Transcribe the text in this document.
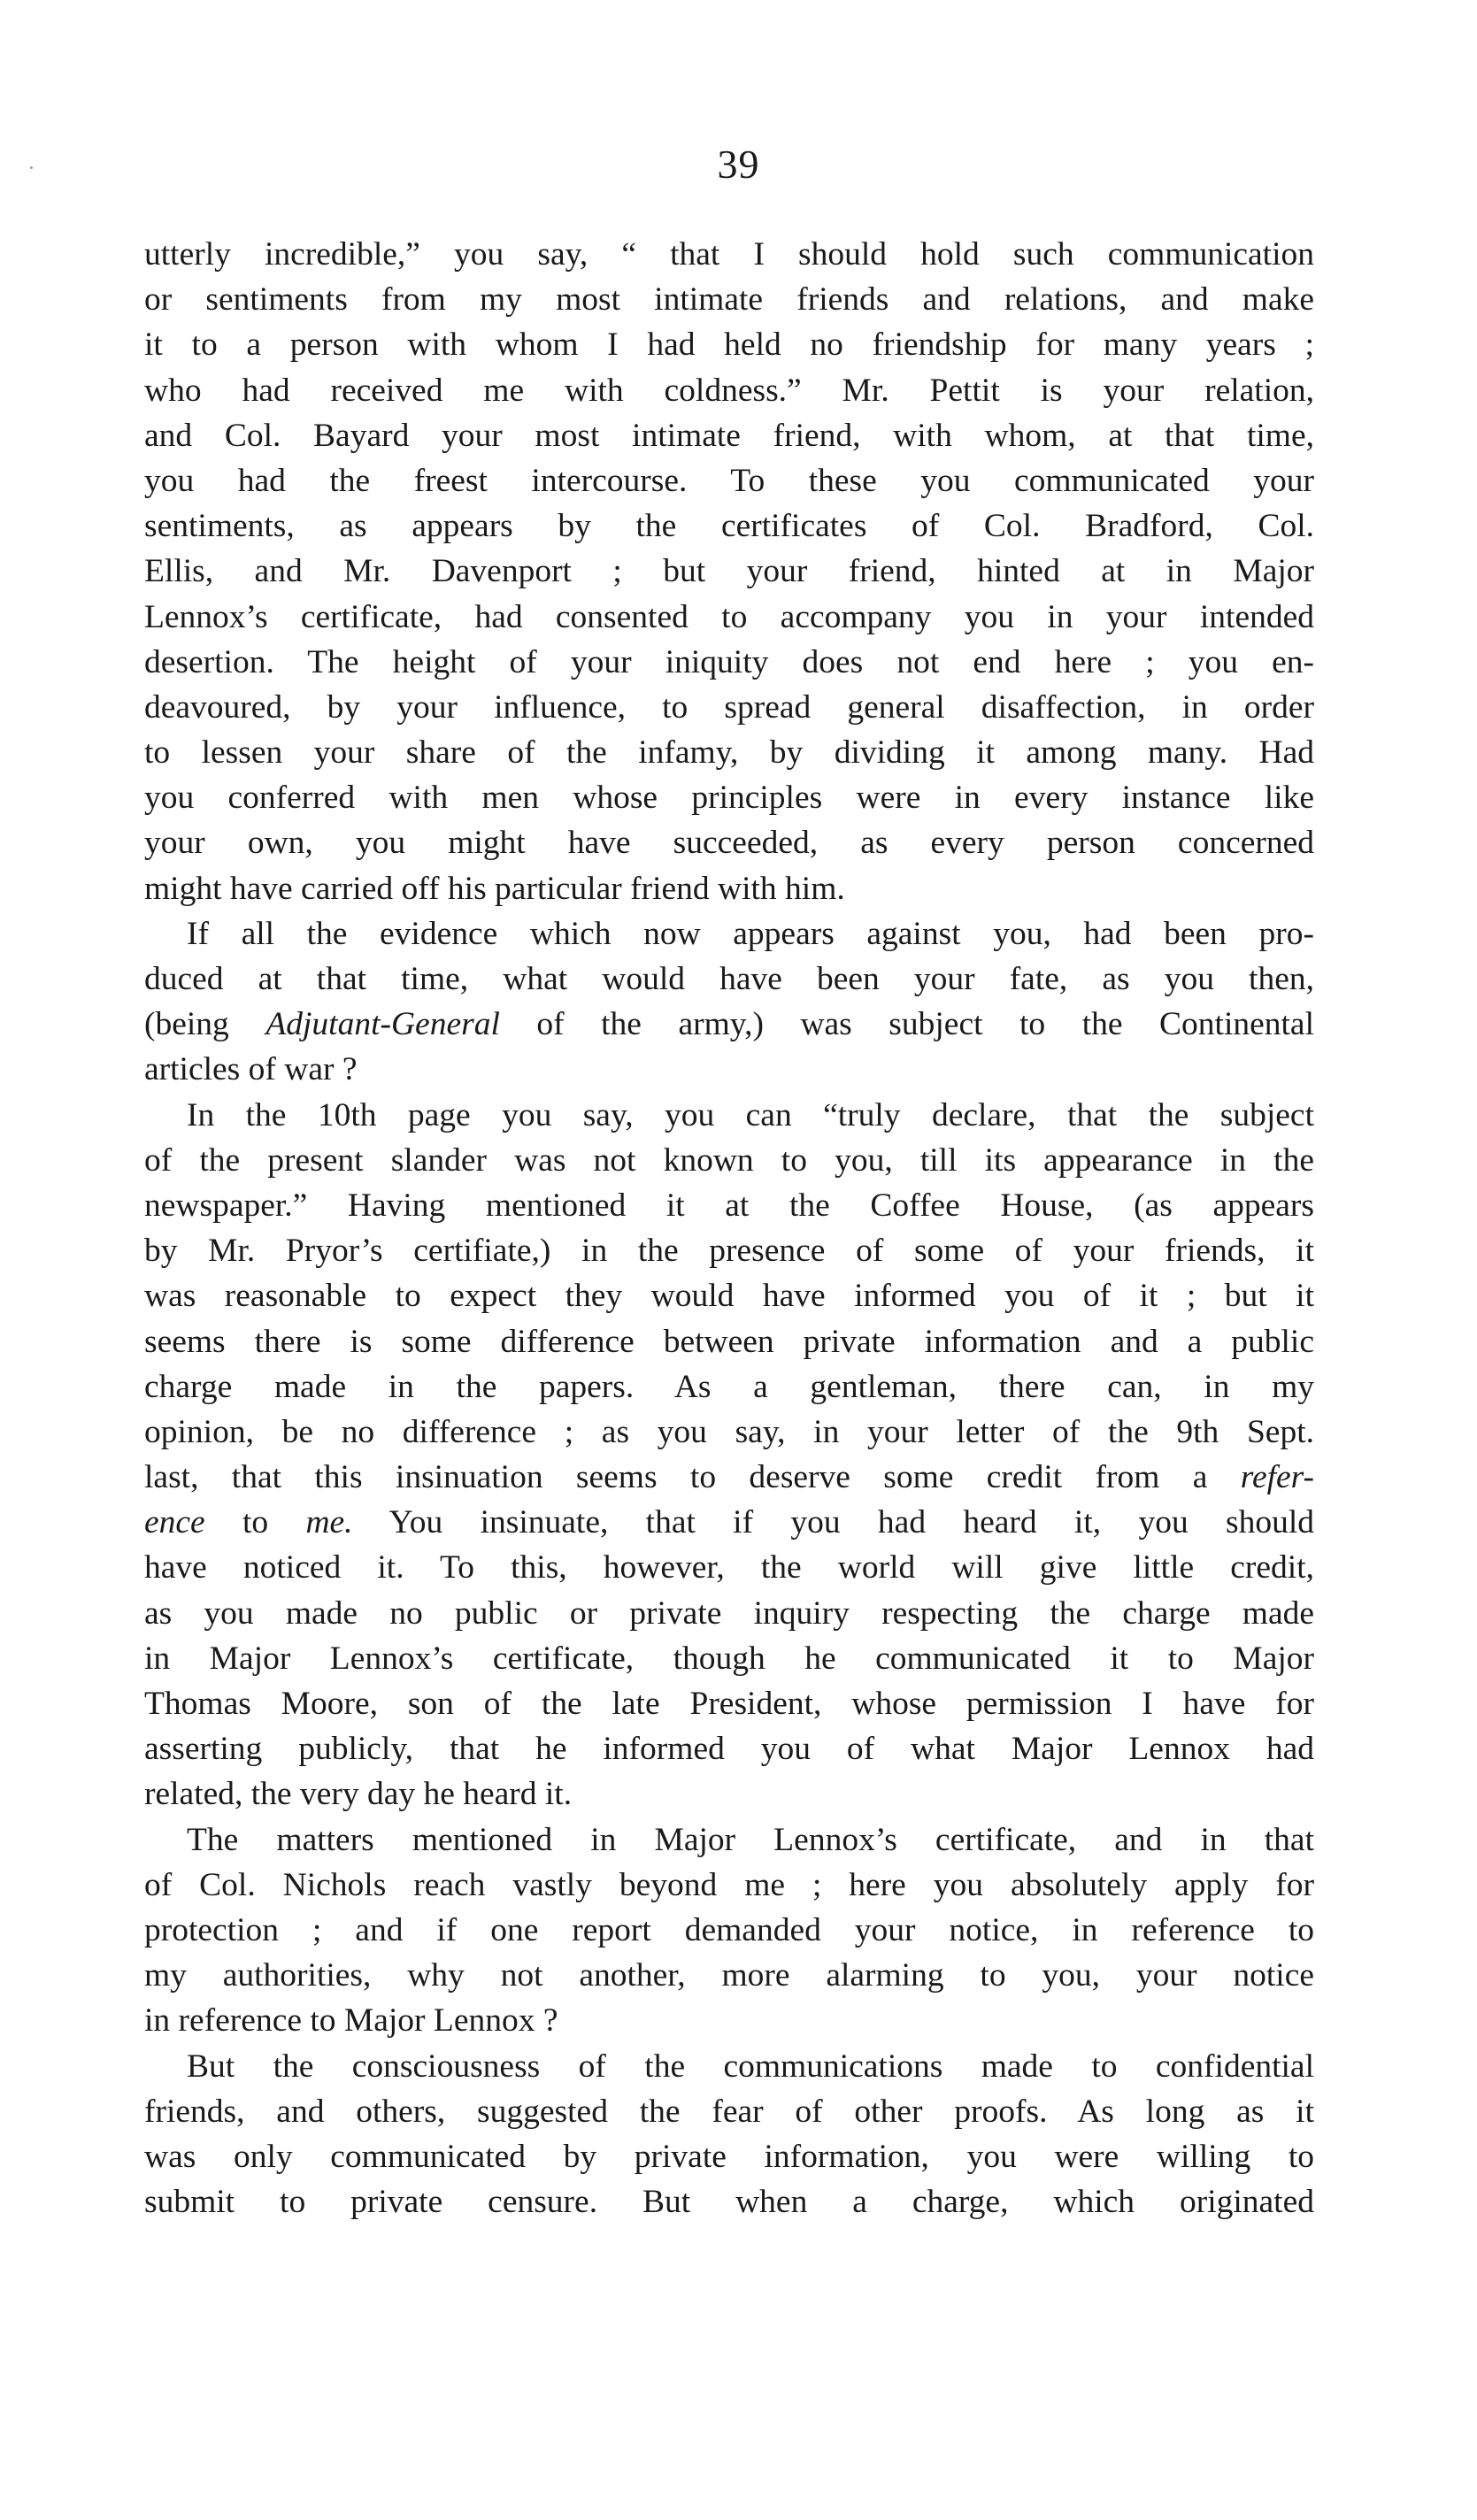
39
utterly incredible,” you say, “ that I should hold such communication
or sentiments from my most intimate friends and relations, and make
it to a person with whom I had held no friendship for many years ;
who had received me with coldness.” Mr. Pettit is your relation,
and Col. Bayard your most intimate friend, with whom, at that time,
you had the freest intercourse. To these you communicated your
sentiments, as appears by the certificates of Col. Bradford, Col.
Ellis, and Mr. Davenport ; but your friend, hinted at in Major
Lennox’s certificate, had consented to accompany you in your intended
desertion. The height of your iniquity does not end here ; you en-
deavoured, by your influence, to spread general disaffection, in order
to lessen your share of the infamy, by dividing it among many. Had
you conferred with men whose principles were in every instance like
your own, you might have succeeded, as every person concerned
might have carried off his particular friend with him.
If all the evidence which now appears against you, had been pro-
duced at that time, what would have been your fate, as you then,
(being Adjutant-General of the army,) was subject to the Continental
articles of war ?
In the 10th page you say, you can “truly declare, that the subject
of the present slander was not known to you, till its appearance in the
newspaper.” Having mentioned it at the Coffee House, (as appears
by Mr. Pryor’s certifiate,) in the presence of some of your friends, it
was reasonable to expect they would have informed you of it ; but it
seems there is some difference between private information and a public
charge made in the papers. As a gentleman, there can, in my
opinion, be no difference ; as you say, in your letter of the 9th Sept.
last, that this insinuation seems to deserve some credit from a refer-
ence to me. You insinuate, that if you had heard it, you should
have noticed it. To this, however, the world will give little credit,
as you made no public or private inquiry respecting the charge made
in Major Lennox’s certificate, though he communicated it to Major
Thomas Moore, son of the late President, whose permission I have for
asserting publicly, that he informed you of what Major Lennox had
related, the very day he heard it.
The matters mentioned in Major Lennox’s certificate, and in that
of Col. Nichols reach vastly beyond me ; here you absolutely apply for
protection ; and if one report demanded your notice, in reference to
my authorities, why not another, more alarming to you, your notice
in reference to Major Lennox ?
But the consciousness of the communications made to confidential
friends, and others, suggested the fear of other proofs. As long as it
was only communicated by private information, you were willing to
submit to private censure. But when a charge, which originated
